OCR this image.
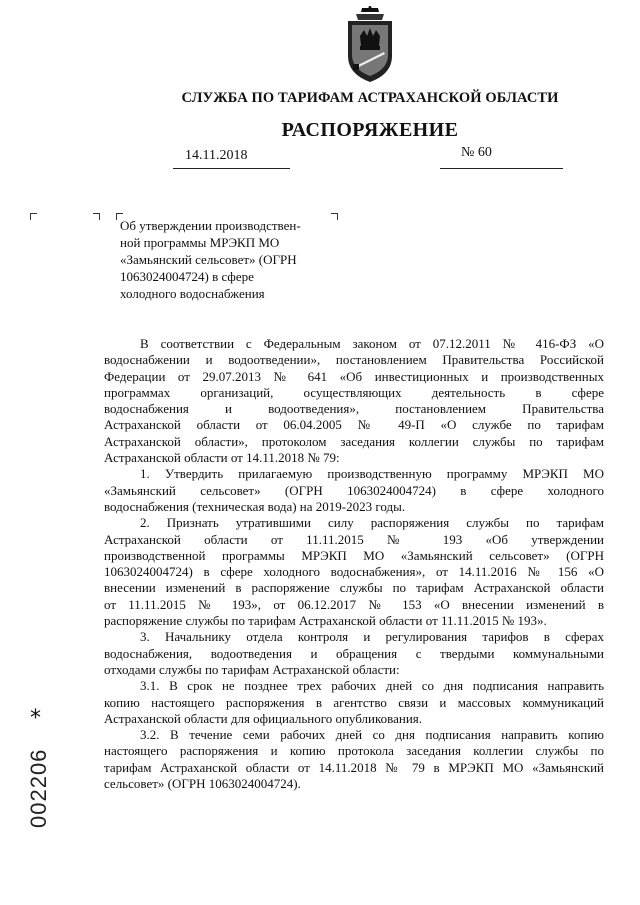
СЛУЖБА ПО ТАРИФАМ АСТРАХАНСКОЙ ОБЛАСТИ
РАСПОРЯЖЕНИЕ
14.11.2018	№ 60
Об утверждении производствен-
ной программы МРЭКП МО
«Замьянский сельсовет» (ОГРН
1063024004724) в сфере
холодного водоснабжения
В соответствии с Федеральным законом от 07.12.2011 № 416-ФЗ «О
водоснабжении и водоотведении», постановлением Правительства Российской
Федерации от 29.07.2013 № 641 «Об инвестиционных и производственных
программах организаций, осуществляющих деятельность в сфере
водоснабжения и водоотведения», постановлением Правительства
Астраханской области от 06.04.2005 № 49-П «О службе по тарифам
Астраханской области», протоколом заседания коллегии службы по тарифам
Астраханской области от 14.11.2018 № 79:
1. Утвердить прилагаемую производственную программу МРЭКП МО
«Замьянский сельсовет» (ОГРН 1063024004724) в сфере холодного
водоснабжения (техническая вода) на 2019-2023 годы.
2. Признать утратившими силу распоряжения службы по тарифам
Астраханской области от 11.11.2015 № 193 «Об утверждении
производственной программы МРЭКП МО «Замьянский сельсовет» (ОГРН
1063024004724) в сфере холодного водоснабжения», от 14.11.2016 № 156 «О
внесении изменений в распоряжение службы по тарифам Астраханской области
от 11.11.2015 № 193», от 06.12.2017 № 153 «О внесении изменений в
распоряжение службы по тарифам Астраханской области от 11.11.2015 № 193».
3. Начальнику отдела контроля и регулирования тарифов в сферах
водоснабжения, водоотведения и обращения с твердыми коммунальными
отходами службы по тарифам Астраханской области:
3.1. В срок не позднее трех рабочих дней со дня подписания направить
копию настоящего распоряжения в агентство связи и массовых коммуникаций
Астраханской области для официального опубликования.
3.2. В течение семи рабочих дней со дня подписания направить копию
настоящего распоряжения и копию протокола заседания коллегии службы по
тарифам Астраханской области от 14.11.2018 № 79 в МРЭКП МО «Замьянский
сельсовет» (ОГРН 1063024004724).
*
002206
